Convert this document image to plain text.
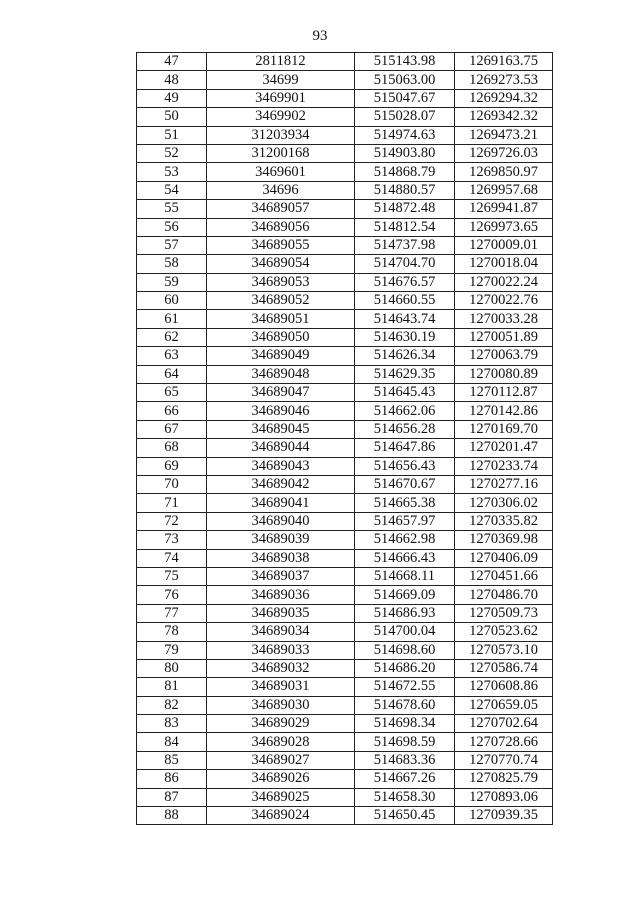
93
47	2811812	515143.98	1269163.75
48	34699	515063.00	1269273.53
49	3469901	515047.67	1269294.32
50	3469902	515028.07	1269342.32
51	31203934	514974.63	1269473.21
52	31200168	514903.80	1269726.03
53	3469601	514868.79	1269850.97
54	34696	514880.57	1269957.68
55	34689057	514872.48	1269941.87
56	34689056	514812.54	1269973.65
57	34689055	514737.98	1270009.01
58	34689054	514704.70	1270018.04
59	34689053	514676.57	1270022.24
60	34689052	514660.55	1270022.76
61	34689051	514643.74	1270033.28
62	34689050	514630.19	1270051.89
63	34689049	514626.34	1270063.79
64	34689048	514629.35	1270080.89
65	34689047	514645.43	1270112.87
66	34689046	514662.06	1270142.86
67	34689045	514656.28	1270169.70
68	34689044	514647.86	1270201.47
69	34689043	514656.43	1270233.74
70	34689042	514670.67	1270277.16
71	34689041	514665.38	1270306.02
72	34689040	514657.97	1270335.82
73	34689039	514662.98	1270369.98
74	34689038	514666.43	1270406.09
75	34689037	514668.11	1270451.66
76	34689036	514669.09	1270486.70
77	34689035	514686.93	1270509.73
78	34689034	514700.04	1270523.62
79	34689033	514698.60	1270573.10
80	34689032	514686.20	1270586.74
81	34689031	514672.55	1270608.86
82	34689030	514678.60	1270659.05
83	34689029	514698.34	1270702.64
84	34689028	514698.59	1270728.66
85	34689027	514683.36	1270770.74
86	34689026	514667.26	1270825.79
87	34689025	514658.30	1270893.06
88	34689024	514650.45	1270939.35
